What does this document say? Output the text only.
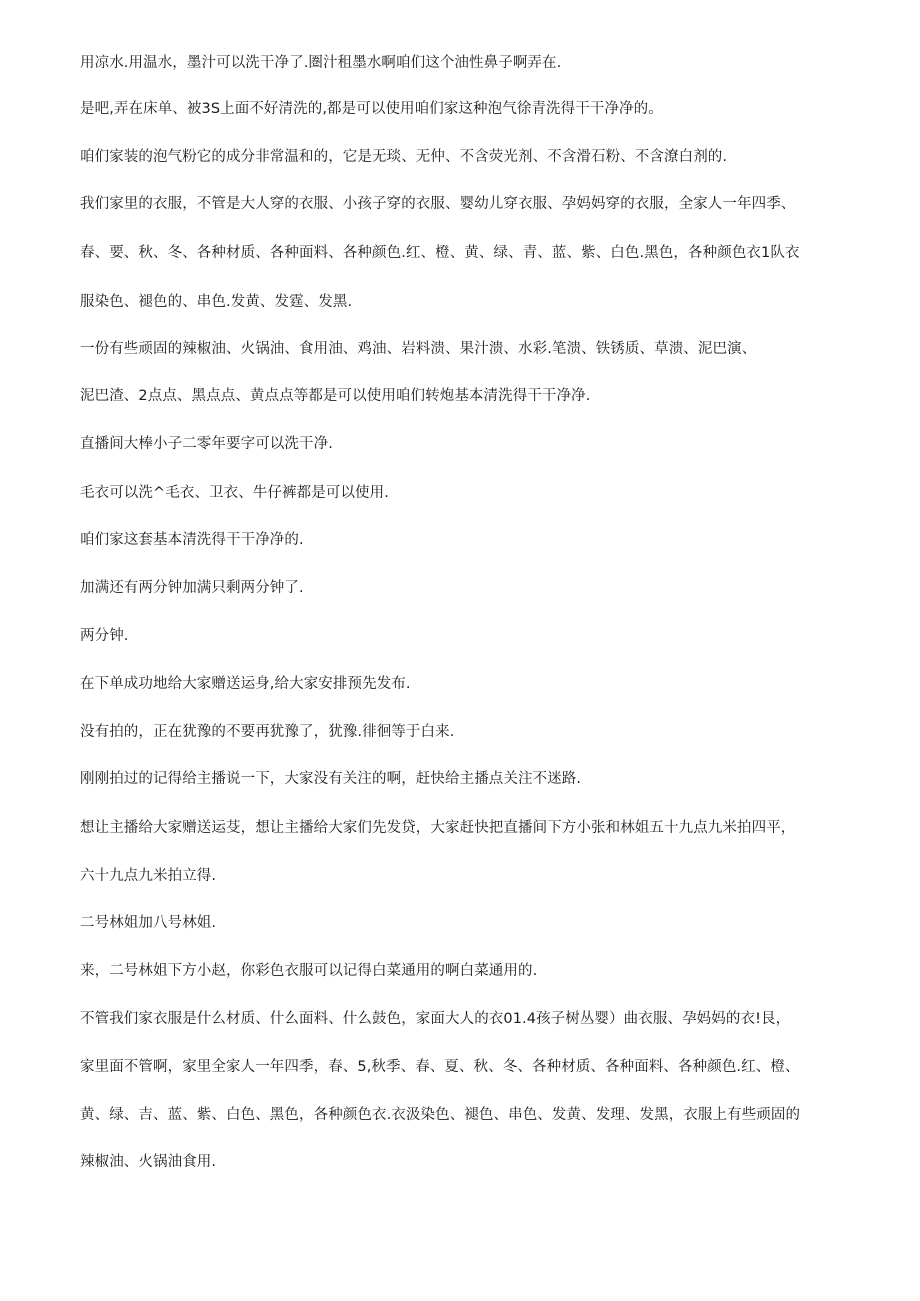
用凉水.用温水，墨汁可以洗干净了.圏汁租墨水啊咱们这个油性鼻子啊弄在.
是吧,弄在床单、被3S上面不好清洗的,都是可以使用咱们家这种泡气徐青洗得干干净净的。
咱们家装的泡气粉它的成分非常温和的，它是无琰、无仲、不含荧光剂、不含滑石粉、不含潦白剂的.
我们家里的衣服，不管是大人穿的衣服、小孩子穿的衣服、婴幼儿穿衣服、孕妈妈穿的衣服，全家人一年四季、
春、要、秋、冬、各种材质、各种面料、各种颜色.红、橙、黄、绿、青、蓝、紫、白色.黑色，各种颜色衣1队衣
服染色、褪色的、串色.发黄、发霆、发黑.
一份有些顽固的辣椒油、火锅油、食用油、鸡油、岩料溃、果汁溃、水彩.笔溃、铁锈质、草溃、泥巴演、
泥巴渣、2点点、黑点点、黄点点等都是可以使用咱们转炮基本清洗得干干净净.
直播间大棒小子二零年要字可以洗干净.
毛衣可以洗^毛衣、卫衣、牛仔裤都是可以使用.
咱们家这套基本清洗得干干净净的.
加满还有两分钟加满只剩两分钟了.
两分钟.
在下单成功地给大家赠送运身,给大家安排预先发布.
没有拍的，正在犹豫的不要再犹豫了，犹豫.徘徊等于白来.
刚刚拍过的记得给主播说一下，大家没有关注的啊，赶快给主播点关注不迷路.
想让主播给大家赠送运芟，想让主播给大家们先发贷，大家赶快把直播间下方小张和林姐五十九点九米拍四平，
六十九点九米拍立得.
二号林姐加八号林姐.
来，二号林姐下方小赵，你彩色衣服可以记得白菜通用的啊白菜通用的.
不管我们家衣服是什么材质、什么面料、什么鼓色，家面大人的衣01.4孩子树丛婴）曲衣服、孕妈妈的衣!艮，
家里面不管啊，家里全家人一年四季，春、5,秋季、春、夏、秋、冬、各种材质、各种面料、各种颜色.红、橙、
黄、绿、吉、蓝、紫、白色、黑色，各种颜色衣.衣汲染色、褪色、串色、发黄、发理、发黑，衣服上有些顽固的
辣椒油、火锅油食用.
